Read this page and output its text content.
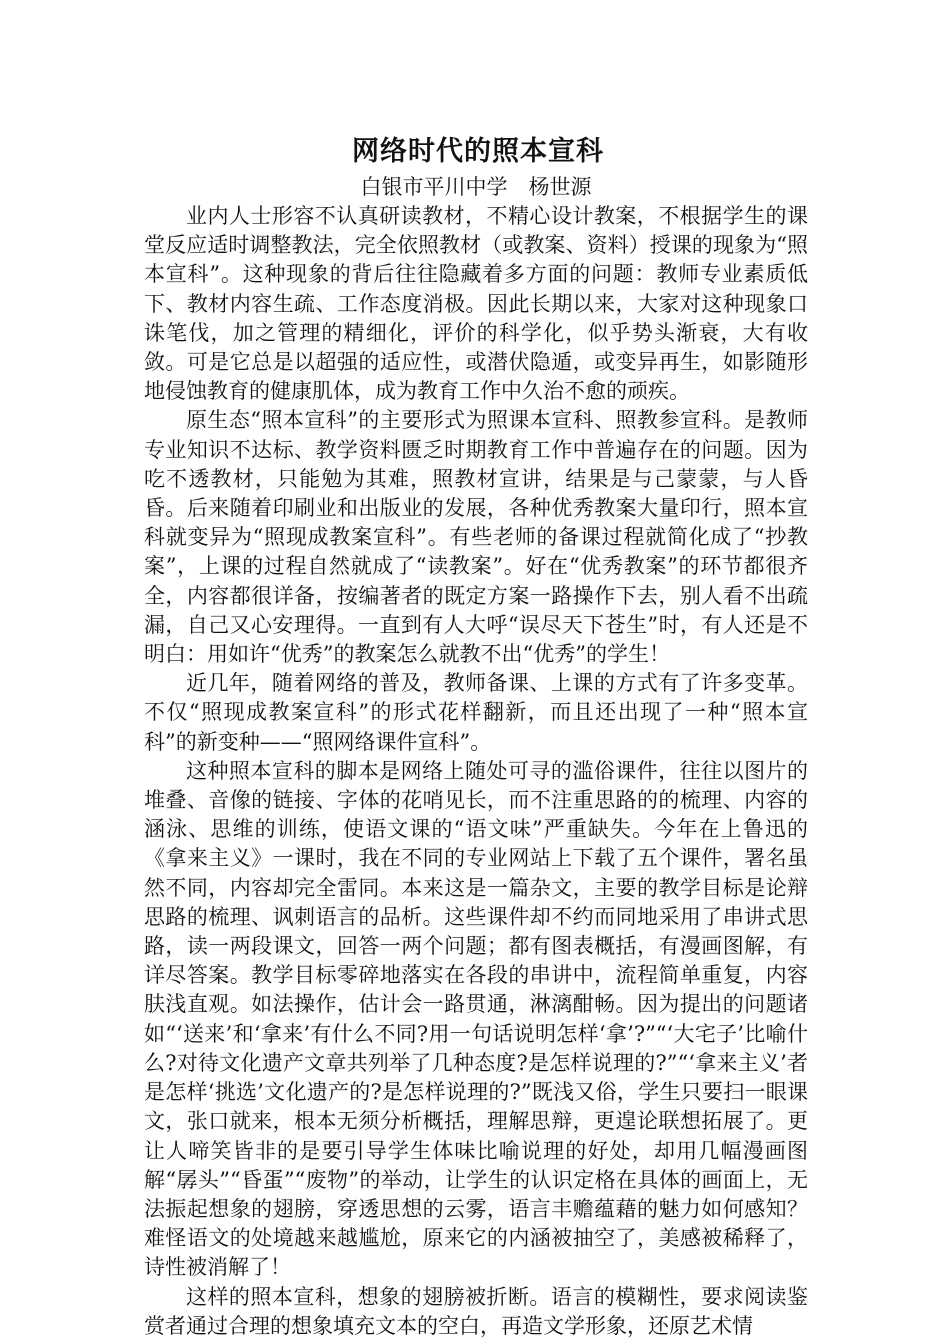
网络时代的照本宣科
白银市平川中学　杨世源

业内人士形容不认真研读教材，不精心设计教案，不根据学生的课堂反应适时调整教法，完全依照教材（或教案、资料）授课的现象为“照本宣科”。这种现象的背后往往隐藏着多方面的问题：教师专业素质低下、教材内容生疏、工作态度消极。因此长期以来，大家对这种现象口诛笔伐，加之管理的精细化，评价的科学化，似乎势头渐衰，大有收敛。可是它总是以超强的适应性，或潜伏隐遁，或变异再生，如影随形地侵蚀教育的健康肌体，成为教育工作中久治不愈的顽疾。

原生态“照本宣科”的主要形式为照课本宣科、照教参宣科。是教师专业知识不达标、教学资料匮乏时期教育工作中普遍存在的问题。因为吃不透教材，只能勉为其难，照教材宣讲，结果是与己蒙蒙，与人昏昏。后来随着印刷业和出版业的发展，各种优秀教案大量印行，照本宣科就变异为“照现成教案宣科”。有些老师的备课过程就简化成了“抄教案”，上课的过程自然就成了“读教案”。好在“优秀教案”的环节都很齐全，内容都很详备，按编著者的既定方案一路操作下去，别人看不出疏漏，自己又心安理得。一直到有人大呼“误尽天下苍生”时，有人还是不明白：用如许“优秀”的教案怎么就教不出“优秀”的学生！

近几年，随着网络的普及，教师备课、上课的方式有了许多变革。不仅“照现成教案宣科”的形式花样翻新，而且还出现了一种“照本宣科”的新变种——“照网络课件宣科”。

这种照本宣科的脚本是网络上随处可寻的滥俗课件，往往以图片的堆叠、音像的链接、字体的花哨见长，而不注重思路的的梳理、内容的涵泳、思维的训练，使语文课的“语文味”严重缺失。今年在上鲁迅的《拿来主义》一课时，我在不同的专业网站上下载了五个课件，署名虽然不同，内容却完全雷同。本来这是一篇杂文，主要的教学目标是论辩思路的梳理、讽刺语言的品析。这些课件却不约而同地采用了串讲式思路，读一两段课文，回答一两个问题；都有图表概括，有漫画图解，有详尽答案。教学目标零碎地落实在各段的串讲中，流程简单重复，内容肤浅直观。如法操作，估计会一路贯通，淋漓酣畅。因为提出的问题诸如“‘送来’和‘拿来’有什么不同?用一句话说明怎样‘拿’?”“‘大宅子’比喻什么?对待文化遗产文章共列举了几种态度?是怎样说理的?”“‘拿来主义’者是怎样‘挑选’文化遗产的?是怎样说理的?”既浅又俗，学生只要扫一眼课文，张口就来，根本无须分析概括，理解思辩，更遑论联想拓展了。更让人啼笑皆非的是要引导学生体味比喻说理的好处，却用几幅漫画图解“孱头”“昏蛋”“废物”的举动，让学生的认识定格在具体的画面上，无法振起想象的翅膀，穿透思想的云雾，语言丰赡蕴藉的魅力如何感知？难怪语文的处境越来越尴尬，原来它的内涵被抽空了，美感被稀释了，诗性被消解了！

这样的照本宣科，想象的翅膀被折断。语言的模糊性，要求阅读鉴赏者通过合理的想象填充文本的空白，再造文学形象，还原艺术情
